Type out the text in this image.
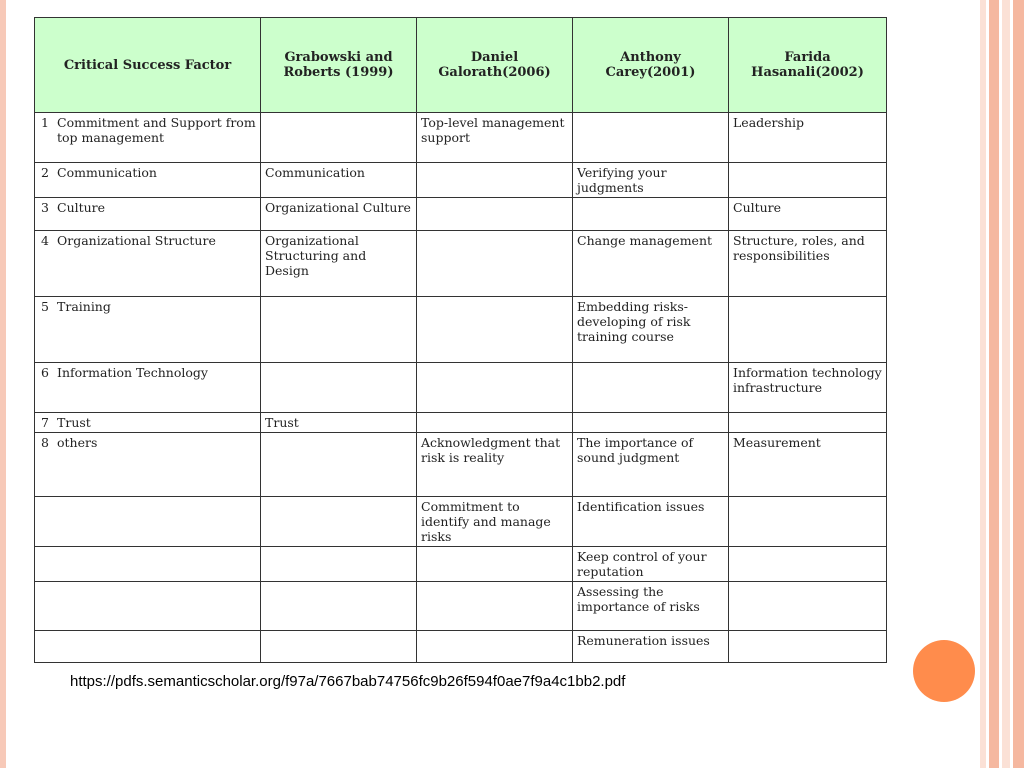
Critical Success Factor	Grabowski and Roberts (1999)	Daniel Galorath(2006)	Anthony Carey(2001)	Farida Hasanali(2002)

1 Commitment and Support from top management		Top-level management support		Leadership

2 Communication	Communication		Verifying your judgments	

3 Culture	Organizational Culture			Culture

4 Organizational Structure	Organizational Structuring and Design		Change management	Structure, roles, and responsibilities

5 Training			Embedding risks-developing of risk training course	

6 Information Technology				Information technology infrastructure

7 Trust	Trust			

8 others		Acknowledgment that risk is reality	The importance of sound judgment	Measurement

		Commitment to identify and manage risks	Identification issues	

			Keep control of your reputation	

			Assessing the importance of risks	

			Remuneration issues	
https://pdfs.semanticscholar.org/f97a/7667bab74756fc9b26f594f0ae7f9a4c1bb2.pdf
